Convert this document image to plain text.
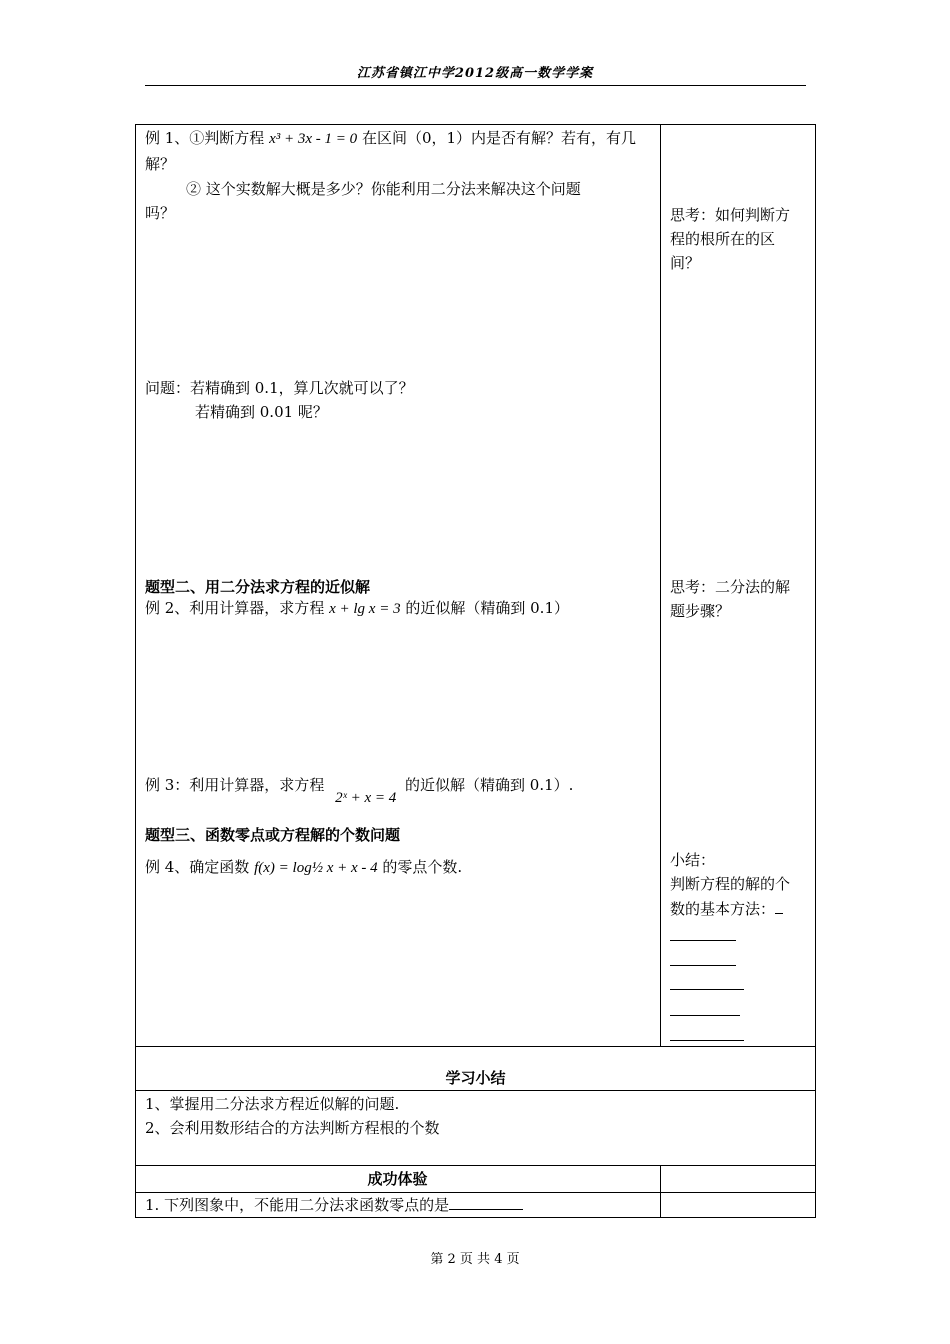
江苏省镇江中学2012级高一数学学案
例 1、①判断方程 x³ + 3x - 1 = 0 在区间（0，1）内是否有解？若有，有几
解？
② 这个实数解大概是多少？你能利用二分法来解决这个问题
吗？	思考：如何判断方
程的根所在的区
间？
问题：若精确到 0.1，算几次就可以了？
若精确到 0.01 呢？
题型二、用二分法求方程的近似解
例 2、利用计算器，求方程 x + lg x = 3 的近似解（精确到 0.1）
思考：二分法的解
题步骤？
例 3：利用计算器，求方程 2ˣ + x = 4 的近似解（精确到 0.1）.
题型三、函数零点或方程解的个数问题
例 4、确定函数 f(x) = log½ x + x - 4 的零点个数.	小结：
判断方程的解的个
数的基本方法：
学习小结
1、掌握用二分法求方程近似解的问题.
2、会利用数形结合的方法判断方程根的个数
成功体验
1. 下列图象中，不能用二分法求函数零点的是
第 2 页 共 4 页
